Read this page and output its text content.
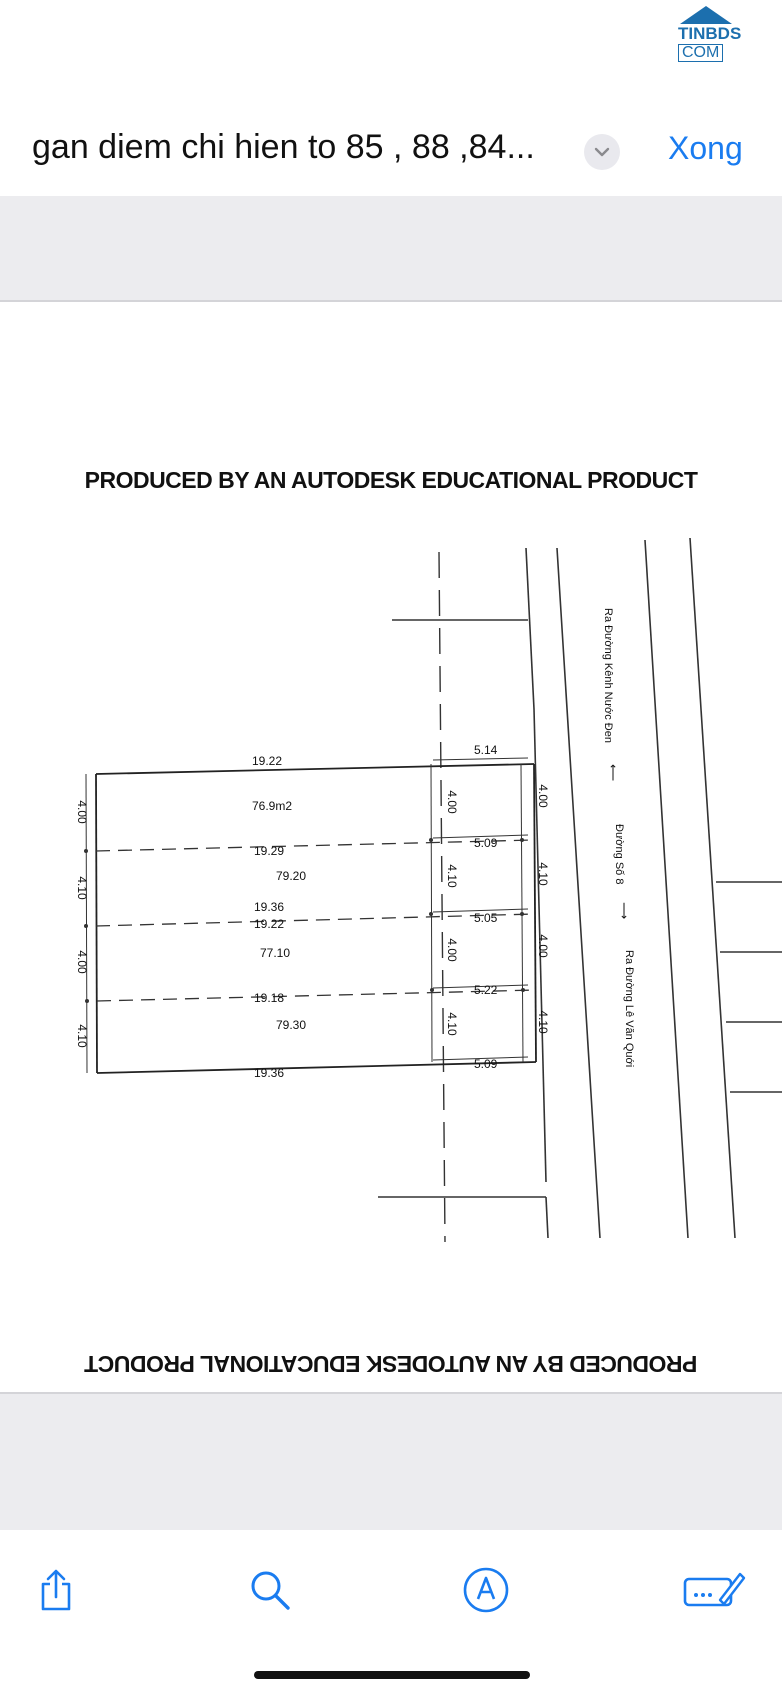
TINBDS
COM
gan diem chi hien to 85 , 88 ,84...	Xong
PRODUCED BY AN AUTODESK EDUCATIONAL PRODUCT
76.9m2
79.20
77.10
79.30
19.22
19.29
19.36
19.22
19.18
19.36
5.14
5.09
5.05
5.22
5.09
4.00
4.10
4.00
4.10
4.00
4.10
4.00
4.10
4.00
4.10
4.00
4.10
Ra Đường Kênh Nước Đen
⟵
Đường Số 8
⟶
Ra Đường Lê Văn Quới
PRODUCED BY AN AUTODESK EDUCATIONAL PRODUCT
